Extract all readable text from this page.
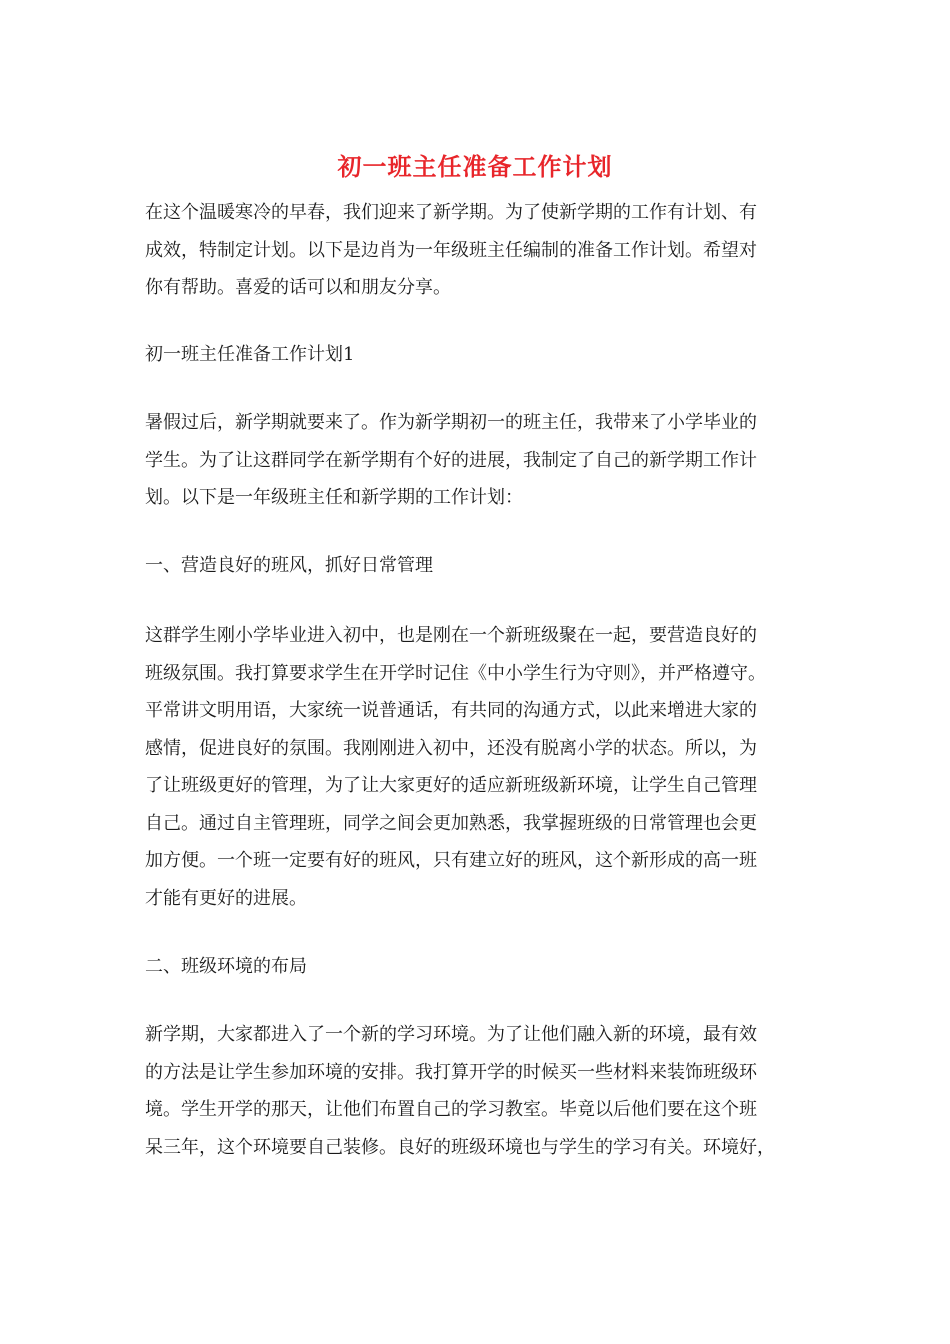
初一班主任准备工作计划

在这个温暖寒冷的早春，我们迎来了新学期。为了使新学期的工作有计划、有
成效，特制定计划。以下是边肖为一年级班主任编制的准备工作计划。希望对
你有帮助。喜爱的话可以和朋友分享。

初一班主任准备工作计划1

暑假过后，新学期就要来了。作为新学期初一的班主任，我带来了小学毕业的
学生。为了让这群同学在新学期有个好的进展，我制定了自己的新学期工作计
划。以下是一年级班主任和新学期的工作计划：

一、营造良好的班风，抓好日常管理

这群学生刚小学毕业进入初中，也是刚在一个新班级聚在一起，要营造良好的
班级氛围。我打算要求学生在开学时记住《中小学生行为守则》，并严格遵守。
平常讲文明用语，大家统一说普通话，有共同的沟通方式，以此来增进大家的
感情，促进良好的氛围。我刚刚进入初中，还没有脱离小学的状态。所以，为
了让班级更好的管理，为了让大家更好的适应新班级新环境，让学生自己管理
自己。通过自主管理班，同学之间会更加熟悉，我掌握班级的日常管理也会更
加方便。一个班一定要有好的班风，只有建立好的班风，这个新形成的高一班
才能有更好的进展。

二、班级环境的布局

新学期，大家都进入了一个新的学习环境。为了让他们融入新的环境，最有效
的方法是让学生参加环境的安排。我打算开学的时候买一些材料来装饰班级环
境。学生开学的那天，让他们布置自己的学习教室。毕竟以后他们要在这个班
呆三年，这个环境要自己装修。良好的班级环境也与学生的学习有关。环境好，
